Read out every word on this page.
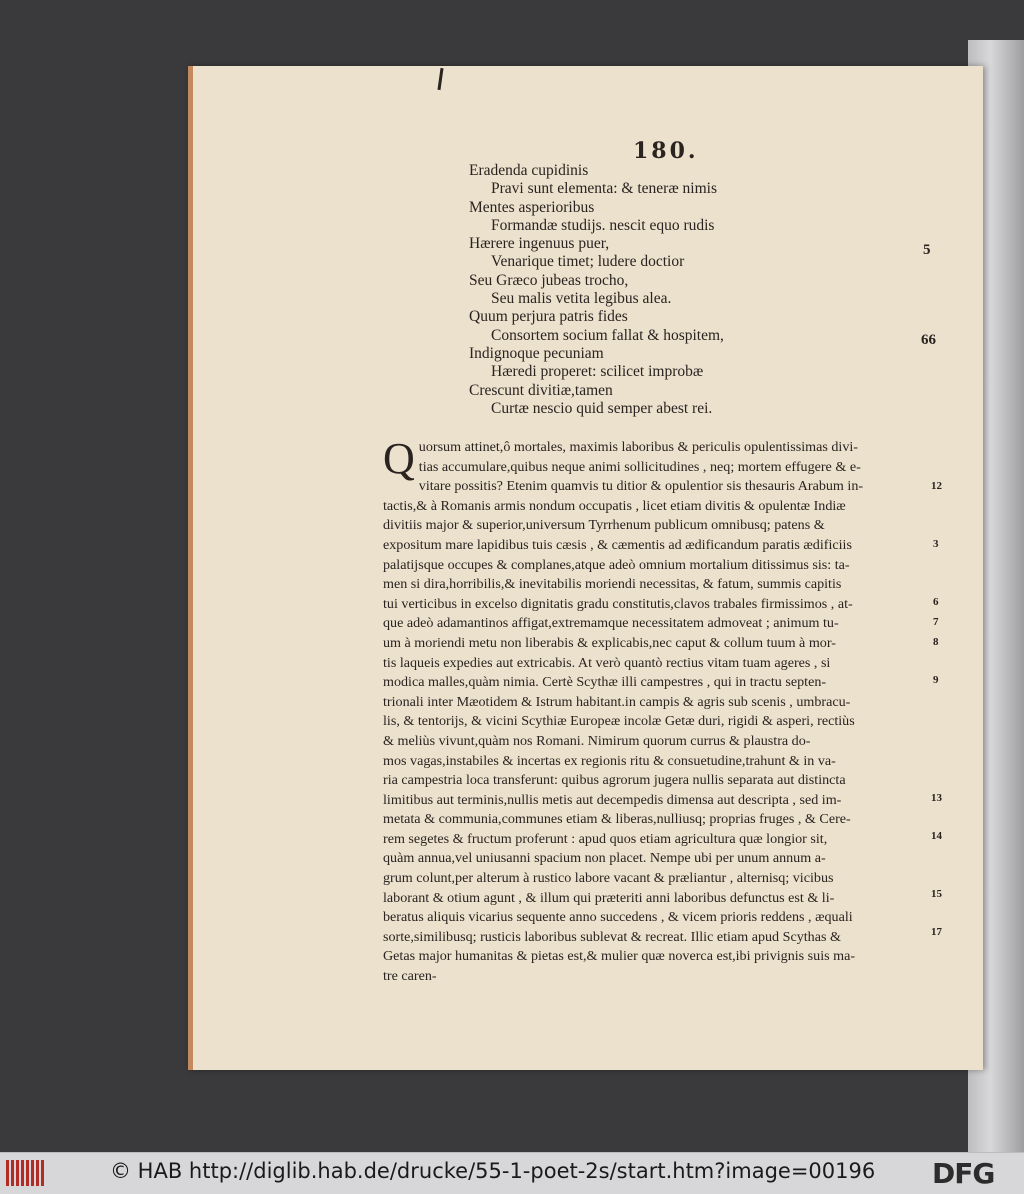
180.
Eradenda cupidinis
Pravi sunt elementa: & teneræ nimis
Mentes asperioribus
Formandæ studijs. nescit equo rudis
Hærere ingenuus puer,
Venarique timet; ludere doctior
Seu Græco jubeas trocho,
Seu malis vetita legibus alea.
Quum perjura patris fides
Consortem socium fallat & hospitem,
Indignoque pecuniam
Hæredi properet: scilicet improbæ
Crescunt divitiæ,tamen
Curtæ nescio quid semper abest rei.
5
66
Q uorsum attinet,ô mortales, maximis laboribus & periculis opulentissimas divi-
tias accumulare,quibus neque animi sollicitudines , neq; mortem effugere & e-
vitare possitis? Etenim quamvis tu ditior & opulentior sis thesauris Arabum in-
tactis,& à Romanis armis nondum occupatis , licet etiam divitis & opulentæ Indiæ
divitiis major & superior,universum Tyrrhenum publicum omnibusq; patens &
expositum mare lapidibus tuis cæsis , & cæmentis ad ædificandum paratis ædificiis
palatijsque occupes & complanes,atque adeò omnium mortalium ditissimus sis: ta-
men si dira,horribilis,& inevitabilis moriendi necessitas, & fatum, summis capitis
tui verticibus in excelso dignitatis gradu constitutis,clavos trabales firmissimos , at-
que adeò adamantinos affigat,extremamque necessitatem admoveat ; animum tu-
um à moriendi metu non liberabis & explicabis,nec caput & collum tuum à mor-
tis laqueis expedies aut extricabis. At verò quantò rectius vitam tuam ageres , si
modica malles,quàm nimia. Certè Scythæ illi campestres , qui in tractu septen-
trionali inter Mæotidem & Istrum habitant.in campis & agris sub scenis , umbracu-
lis, & tentorijs, & vicini Scythiæ Europeæ incolæ Getæ duri, rigidi & asperi, rectiùs
& meliùs vivunt,quàm nos Romani. Nimirum quorum currus & plaustra do-
mos vagas,instabiles & incertas ex regionis ritu & consuetudine,trahunt & in va-
ria campestria loca transferunt: quibus agrorum jugera nullis separata aut distincta
limitibus aut terminis,nullis metis aut decempedis dimensa aut descripta , sed im-
metata & communia,communes etiam & liberas,nulliusq; proprias fruges , & Cere-
rem segetes & fructum proferunt : apud quos etiam agricultura quæ longior sit,
quàm annua,vel uniusanni spacium non placet. Nempe ubi per unum annum a-
grum colunt,per alterum à rustico labore vacant & præliantur , alternisq; vicibus
laborant & otium agunt , & illum qui præteriti anni laboribus defunctus est & li-
beratus aliquis vicarius sequente anno succedens , & vicem prioris reddens , æquali
sorte,similibusq; rusticis laboribus sublevat & recreat. Illic etiam apud Scythas &
Getas major humanitas & pietas est,& mulier quæ noverca est,ibi privignis suis ma-
tre caren-
12
3
6
7
8
9
13
14
15
17
© HAB http://diglib.hab.de/drucke/55-1-poet-2s/start.htm?image=00196 DFG
